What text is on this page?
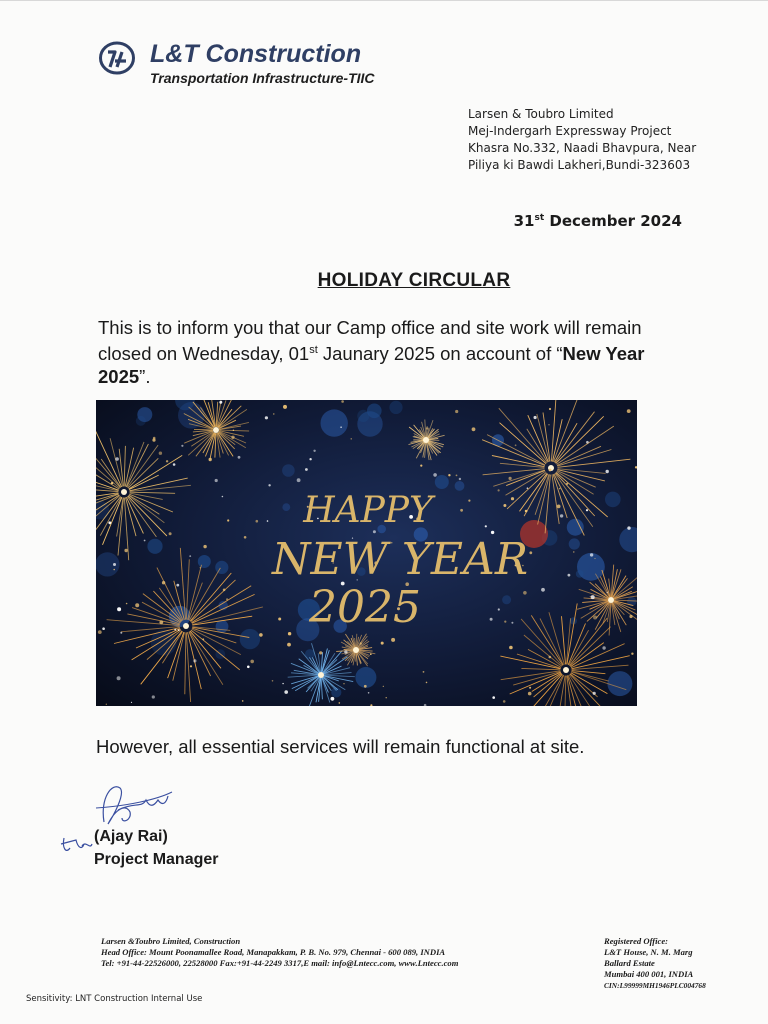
L&T Construction
Transportation Infrastructure-TIIC
Larsen & Toubro Limited
Mej-Indergarh Expressway Project
Khasra No.332, Naadi Bhavpura, Near
Piliya ki Bawdi Lakheri,Bundi-323603
31st December 2024
HOLIDAY CIRCULAR
This is to inform you that our Camp office and site work will remain closed on Wednesday, 01st Jaunary 2025 on account of “New Year 2025”.
HAPPY
NEW YEAR
2025
However, all essential services will remain functional at site.
(Ajay Rai)
Project Manager
Larsen &Toubro Limited, Construction
Head Office: Mount Poonamallee Road, Manapakkam, P. B. No. 979, Chennai - 600 089, INDIA
Tel: +91-44-22526000, 22528000 Fax:+91-44-2249 3317,E mail: info@Lntecc.com, www.Lntecc.com
Registered Office:
L&T House, N. M. Marg
Ballard Estate
Mumbai 400 001, INDIA
CIN:L99999MH1946PLC004768
Sensitivity: LNT Construction Internal Use
